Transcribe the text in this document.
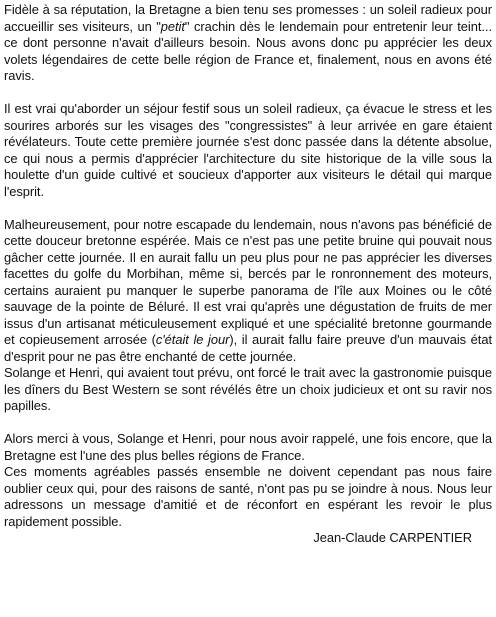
Fidèle à sa réputation, la Bretagne a bien tenu ses promesses : un soleil radieux pour accueillir ses visiteurs, un "petit" crachin dès le lendemain pour entretenir leur teint... ce dont personne n'avait d'ailleurs besoin. Nous avons donc pu apprécier les deux volets légendaires de cette belle région de France et, finalement, nous en avons été ravis.

Il est vrai qu'aborder un séjour festif sous un soleil radieux, ça évacue le stress et les sourires arborés sur les visages des "congressistes" à leur arrivée en gare étaient révélateurs. Toute cette première journée s'est donc passée dans la détente absolue, ce qui nous a permis d'apprécier l'architecture du site historique de la ville sous la houlette d'un guide cultivé et soucieux d'apporter aux visiteurs le détail qui marque l'esprit.

Malheureusement, pour notre escapade du lendemain, nous n'avons pas bénéficié de cette douceur bretonne espérée. Mais ce n'est pas une petite bruine qui pouvait nous gâcher cette journée. Il en aurait fallu un peu plus pour ne pas apprécier les diverses facettes du golfe du Morbihan, même si, bercés par le ronronnement des moteurs, certains auraient pu manquer le superbe panorama de l'île aux Moines ou le côté sauvage de la pointe de Béluré. Il est vrai qu'après une dégustation de fruits de mer issus d'un artisanat méticuleusement expliqué et une spécialité bretonne gourmande et copieusement arrosée (c'était le jour), il aurait fallu faire preuve d'un mauvais état d'esprit pour ne pas être enchanté de cette journée.

Solange et Henri, qui avaient tout prévu, ont forcé le trait avec la gastronomie puisque les dîners du Best Western se sont révélés être un choix judicieux et ont su ravir nos papilles.

Alors merci à vous, Solange et Henri, pour nous avoir rappelé, une fois encore, que la Bretagne est l'une des plus belles régions de France.

Ces moments agréables passés ensemble ne doivent cependant pas nous faire oublier ceux qui, pour des raisons de santé, n'ont pas pu se joindre à nous. Nous leur adressons un message d'amitié et de réconfort en espérant les revoir le plus rapidement possible.

Jean-Claude CARPENTIER
